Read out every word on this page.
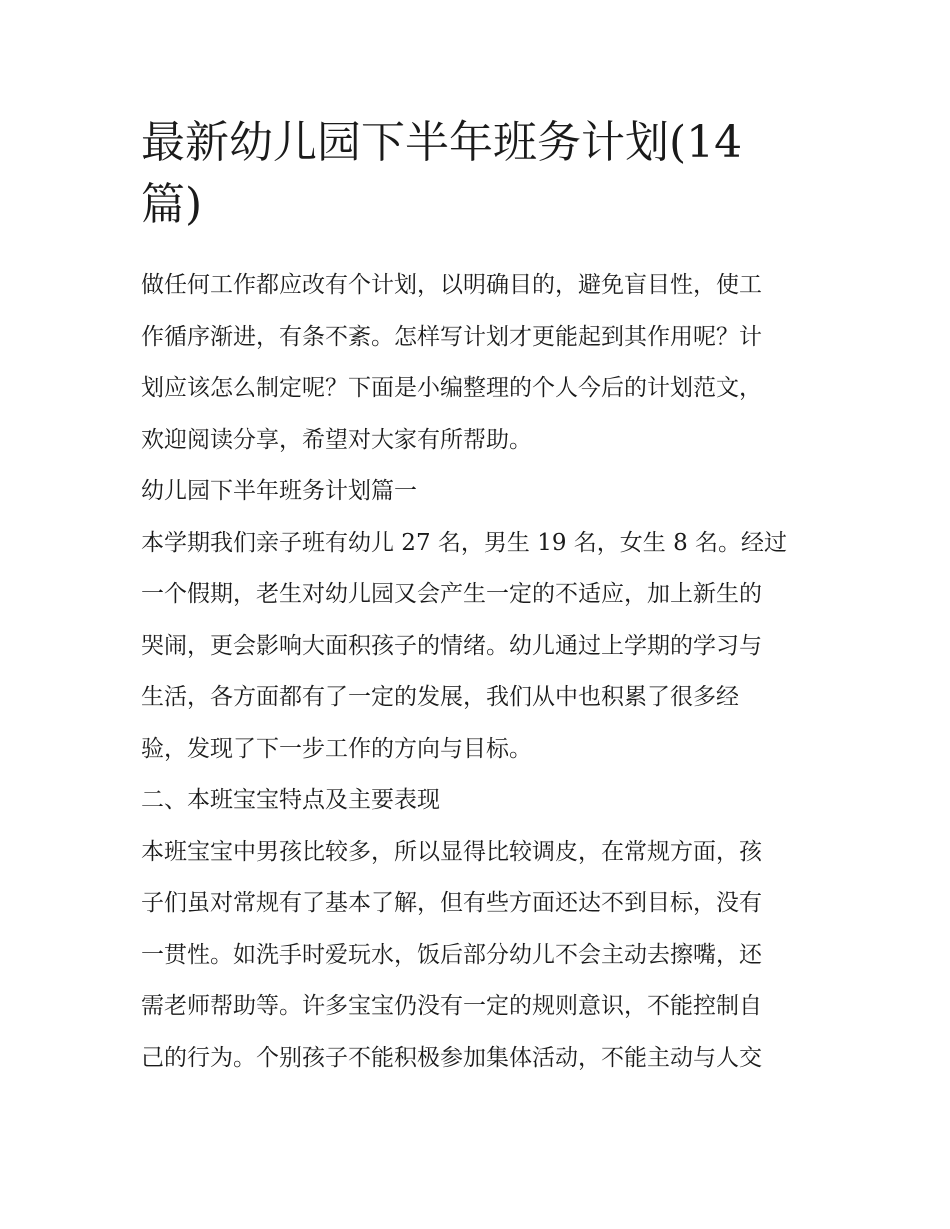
最新幼儿园下半年班务计划(14
篇)

做任何工作都应改有个计划，以明确目的，避免盲目性，使工
作循序渐进，有条不紊。怎样写计划才更能起到其作用呢？计
划应该怎么制定呢？下面是小编整理的个人今后的计划范文，
欢迎阅读分享，希望对大家有所帮助。

幼儿园下半年班务计划篇一

本学期我们亲子班有幼儿 27 名，男生 19 名，女生 8 名。经过
一个假期，老生对幼儿园又会产生一定的不适应，加上新生的
哭闹，更会影响大面积孩子的情绪。幼儿通过上学期的学习与
生活，各方面都有了一定的发展，我们从中也积累了很多经
验，发现了下一步工作的方向与目标。

二、本班宝宝特点及主要表现

本班宝宝中男孩比较多，所以显得比较调皮，在常规方面，孩
子们虽对常规有了基本了解，但有些方面还达不到目标，没有
一贯性。如洗手时爱玩水，饭后部分幼儿不会主动去擦嘴，还
需老师帮助等。许多宝宝仍没有一定的规则意识，不能控制自
己的行为。个别孩子不能积极参加集体活动，不能主动与人交
